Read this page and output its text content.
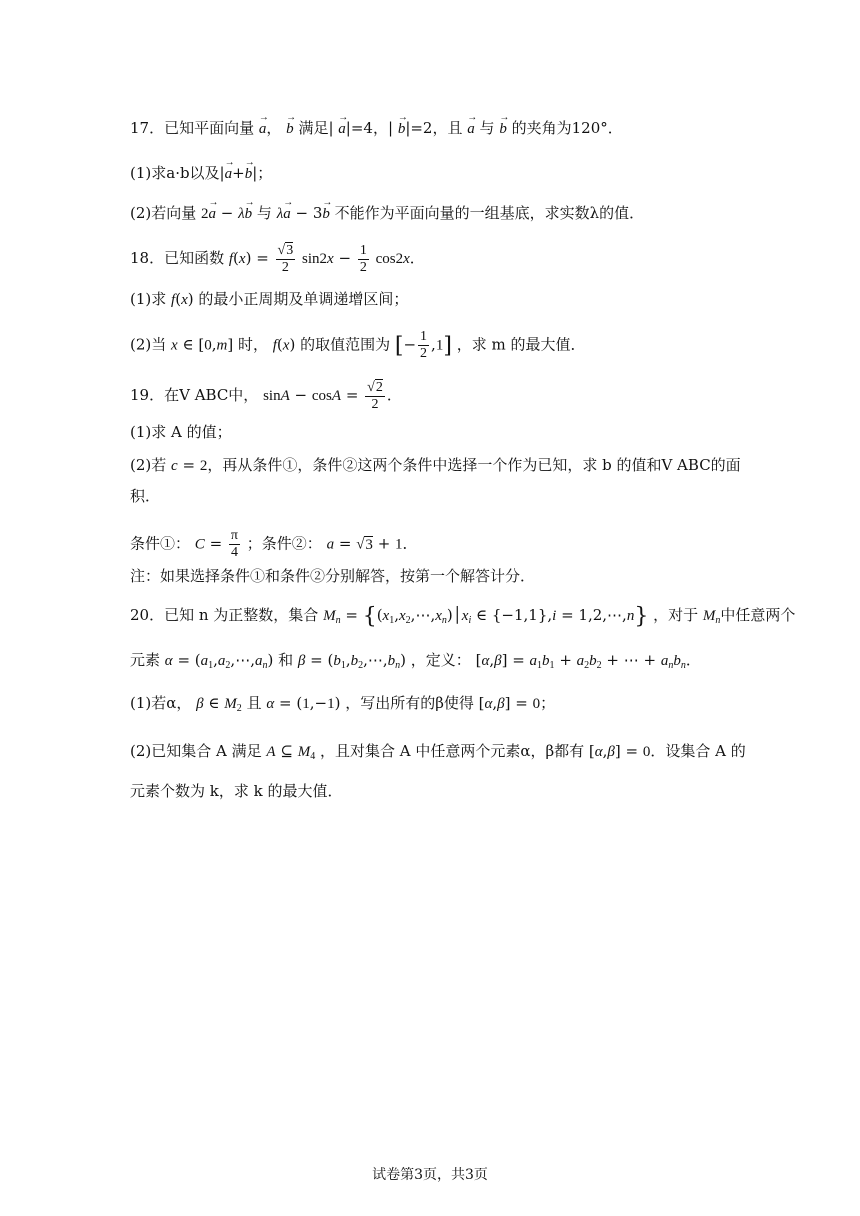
17．已知平面向量 → a， → b 满足| → a|=4，| → b|=2，且 → a 与 → b 的夹角为120°．
(1)求a·b以及|→ a+→ b|；
(2)若向量 2→ a − λ→ b 与 λ→ a − 3→ b 不能作为平面向量的一组基底，求实数λ的值．
18．已知函数 $f(x) = \frac{√3}{2} \sin 2x - \frac{1}{2} \cos 2x$．
(1)求 f(x) 的最小正周期及单调递增区间；
(2)当 x ∈ [0,m] 时， f(x) 的取值范围为 [− $\frac{1}{2} ,1$] ，求 m 的最大值．
19．在V ABC中， $\sin A - \cos A = \frac{√2}{2}$ ．
(1)求 A 的值；
(2)若 c = 2，再从条件①，条件②这两个条件中选择一个作为已知，求 b 的值和V ABC的面
积．
条件①： $C = \frac{\pi}{4}$ ；条件②： a = √3 + 1．
注：如果选择条件①和条件②分别解答，按第一个解答计分．
20．已知 n 为正整数，集合 $M_n$ = {$(x_1,x_2,\cdots,x_n)│x_i$ ∈ {−1,1},i = 1,2,⋯,n} ，对于 $M_n$中任意两个
元素 $\alpha = (a_1,a_2,\cdots,a_n)$ 和 $\beta = (b_1,b_2,\cdots,b_n)$ ，定义： $[\alpha,\beta] = a_1b_1 + a_2b_2$ + ⋯ + $a_nb_n$．
(1)若α， β ∈ $M_2$ 且 α = (1,−1) ，写出所有的β使得 [α,β] = 0；
(2)已知集合 A 满足 A ⊆ $M_4$ ，且对集合 A 中任意两个元素α，β都有 [α,β] = 0．设集合 A 的
元素个数为 k，求 k 的最大值．
试卷第3页，共3页
